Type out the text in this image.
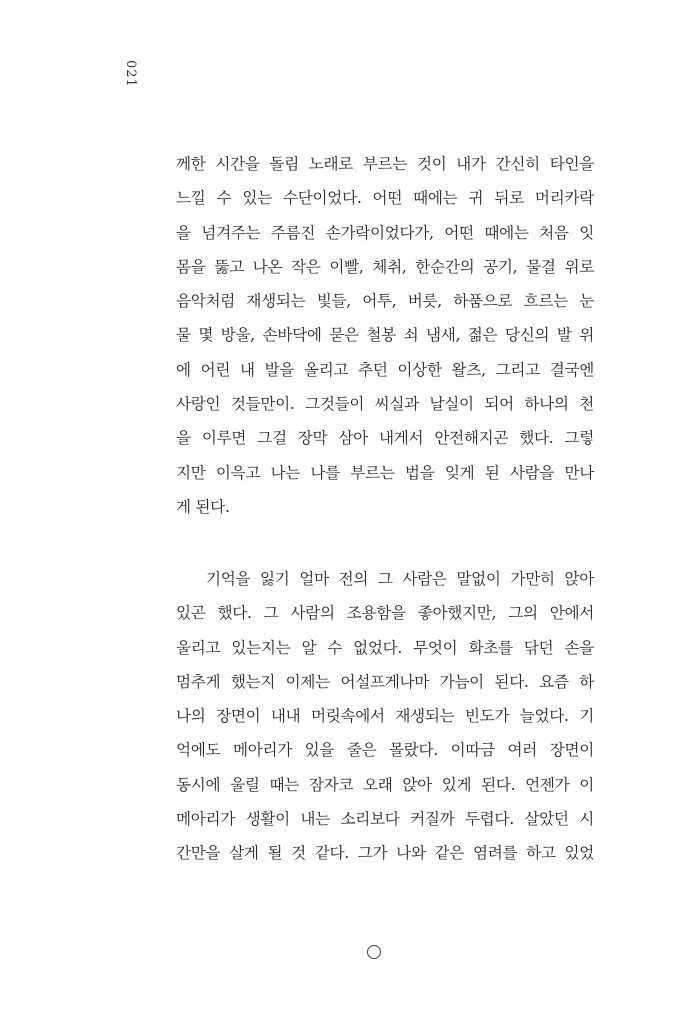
021
께한 시간을 돌림 노래로 부르는 것이 내가 간신히 타인을
느낄 수 있는 수단이었다. 어떤 때에는 귀 뒤로 머리카락
을 넘겨주는 주름진 손가락이었다가, 어떤 때에는 처음 잇
몸을 뚫고 나온 작은 이빨, 체취, 한순간의 공기, 물결 위로
음악처럼 재생되는 빛들, 어투, 버릇, 하품으로 흐르는 눈
물 몇 방울, 손바닥에 묻은 철봉 쇠 냄새, 젊은 당신의 발 위
에 어린 내 발을 올리고 추던 이상한 왈츠, 그리고 결국엔
사랑인 것들만이. 그것들이 씨실과 날실이 되어 하나의 천
을 이루면 그걸 장막 삼아 내게서 안전해지곤 했다. 그렇
지만 이윽고 나는 나를 부르는 법을 잊게 된 사람을 만나
게 된다.
기억을 잃기 얼마 전의 그 사람은 말없이 가만히 앉아
있곤 했다. 그 사람의 조용함을 좋아했지만, 그의 안에서
울리고 있는지는 알 수 없었다. 무엇이 화초를 닦던 손을
멈추게 했는지 이제는 어설프게나마 가늠이 된다. 요즘 하
나의 장면이 내내 머릿속에서 재생되는 빈도가 늘었다. 기
억에도 메아리가 있을 줄은 몰랐다. 이따금 여러 장면이
동시에 울릴 때는 잠자코 오래 앉아 있게 된다. 언젠가 이
메아리가 생활이 내는 소리보다 커질까 두렵다. 살았던 시
간만을 살게 될 것 같다. 그가 나와 같은 염려를 하고 있었
